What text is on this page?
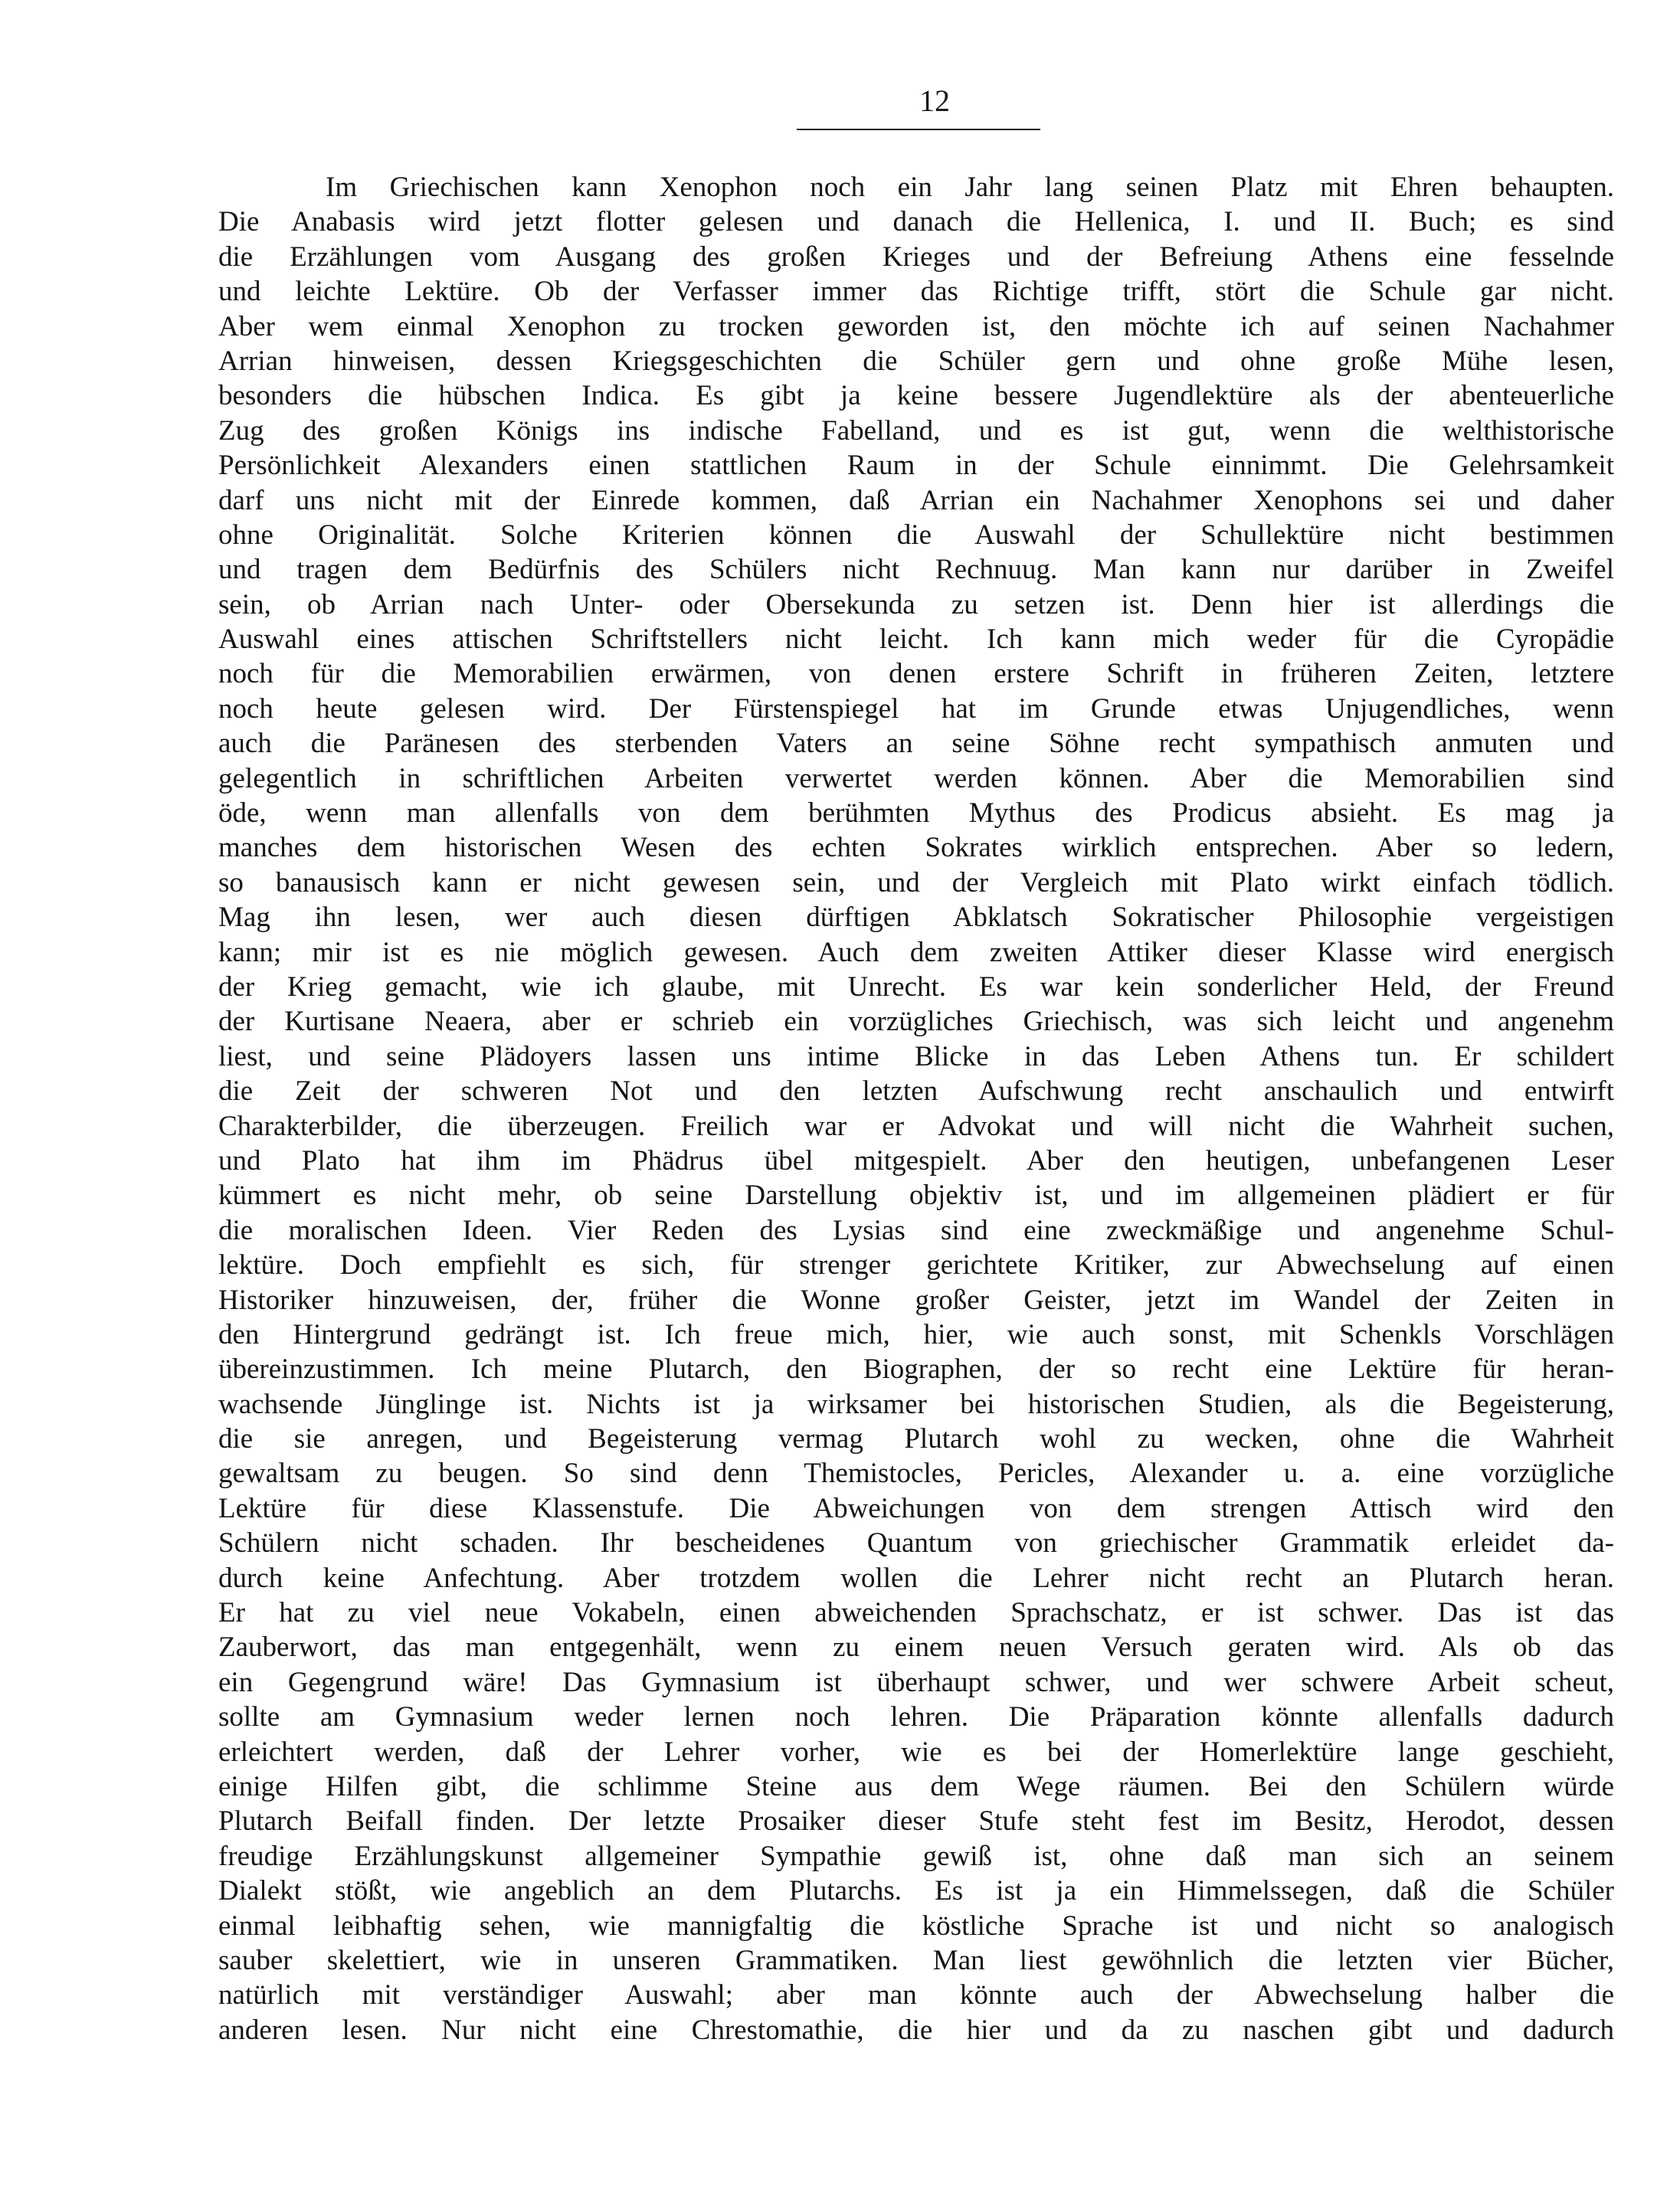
12
Im Griechischen kann Xenophon noch ein Jahr lang seinen Platz mit Ehren behaupten.
Die Anabasis wird jetzt flotter gelesen und danach die Hellenica, I. und II. Buch; es sind
die Erzählungen vom Ausgang des großen Krieges und der Befreiung Athens eine fesselnde
und leichte Lektüre. Ob der Verfasser immer das Richtige trifft, stört die Schule gar nicht.
Aber wem einmal Xenophon zu trocken geworden ist, den möchte ich auf seinen Nachahmer
Arrian hinweisen, dessen Kriegsgeschichten die Schüler gern und ohne große Mühe lesen,
besonders die hübschen Indica. Es gibt ja keine bessere Jugendlektüre als der abenteuerliche
Zug des großen Königs ins indische Fabelland, und es ist gut, wenn die welthistorische
Persönlichkeit Alexanders einen stattlichen Raum in der Schule einnimmt. Die Gelehrsamkeit
darf uns nicht mit der Einrede kommen, daß Arrian ein Nachahmer Xenophons sei und daher
ohne Originalität. Solche Kriterien können die Auswahl der Schullektüre nicht bestimmen
und tragen dem Bedürfnis des Schülers nicht Rechnuug. Man kann nur darüber in Zweifel
sein, ob Arrian nach Unter- oder Obersekunda zu setzen ist. Denn hier ist allerdings die
Auswahl eines attischen Schriftstellers nicht leicht. Ich kann mich weder für die Cyropädie
noch für die Memorabilien erwärmen, von denen erstere Schrift in früheren Zeiten, letztere
noch heute gelesen wird. Der Fürstenspiegel hat im Grunde etwas Unjugendliches, wenn
auch die Paränesen des sterbenden Vaters an seine Söhne recht sympathisch anmuten und
gelegentlich in schriftlichen Arbeiten verwertet werden können. Aber die Memorabilien sind
öde, wenn man allenfalls von dem berühmten Mythus des Prodicus absieht. Es mag ja
manches dem historischen Wesen des echten Sokrates wirklich entsprechen. Aber so ledern,
so banausisch kann er nicht gewesen sein, und der Vergleich mit Plato wirkt einfach tödlich.
Mag ihn lesen, wer auch diesen dürftigen Abklatsch Sokratischer Philosophie vergeistigen
kann; mir ist es nie möglich gewesen. Auch dem zweiten Attiker dieser Klasse wird energisch
der Krieg gemacht, wie ich glaube, mit Unrecht. Es war kein sonderlicher Held, der Freund
der Kurtisane Neaera, aber er schrieb ein vorzügliches Griechisch, was sich leicht und angenehm
liest, und seine Plädoyers lassen uns intime Blicke in das Leben Athens tun. Er schildert
die Zeit der schweren Not und den letzten Aufschwung recht anschaulich und entwirft
Charakterbilder, die überzeugen. Freilich war er Advokat und will nicht die Wahrheit suchen,
und Plato hat ihm im Phädrus übel mitgespielt. Aber den heutigen, unbefangenen Leser
kümmert es nicht mehr, ob seine Darstellung objektiv ist, und im allgemeinen plädiert er für
die moralischen Ideen. Vier Reden des Lysias sind eine zweckmäßige und angenehme Schul-
lektüre. Doch empfiehlt es sich, für strenger gerichtete Kritiker, zur Abwechselung auf einen
Historiker hinzuweisen, der, früher die Wonne großer Geister, jetzt im Wandel der Zeiten in
den Hintergrund gedrängt ist. Ich freue mich, hier, wie auch sonst, mit Schenkls Vorschlägen
übereinzustimmen. Ich meine Plutarch, den Biographen, der so recht eine Lektüre für heran-
wachsende Jünglinge ist. Nichts ist ja wirksamer bei historischen Studien, als die Begeisterung,
die sie anregen, und Begeisterung vermag Plutarch wohl zu wecken, ohne die Wahrheit
gewaltsam zu beugen. So sind denn Themistocles, Pericles, Alexander u. a. eine vorzügliche
Lektüre für diese Klassenstufe. Die Abweichungen von dem strengen Attisch wird den
Schülern nicht schaden. Ihr bescheidenes Quantum von griechischer Grammatik erleidet da-
durch keine Anfechtung. Aber trotzdem wollen die Lehrer nicht recht an Plutarch heran.
Er hat zu viel neue Vokabeln, einen abweichenden Sprachschatz, er ist schwer. Das ist das
Zauberwort, das man entgegenhält, wenn zu einem neuen Versuch geraten wird. Als ob das
ein Gegengrund wäre! Das Gymnasium ist überhaupt schwer, und wer schwere Arbeit scheut,
sollte am Gymnasium weder lernen noch lehren. Die Präparation könnte allenfalls dadurch
erleichtert werden, daß der Lehrer vorher, wie es bei der Homerlektüre lange geschieht,
einige Hilfen gibt, die schlimme Steine aus dem Wege räumen. Bei den Schülern würde
Plutarch Beifall finden. Der letzte Prosaiker dieser Stufe steht fest im Besitz, Herodot, dessen
freudige Erzählungskunst allgemeiner Sympathie gewiß ist, ohne daß man sich an seinem
Dialekt stößt, wie angeblich an dem Plutarchs. Es ist ja ein Himmelssegen, daß die Schüler
einmal leibhaftig sehen, wie mannigfaltig die köstliche Sprache ist und nicht so analogisch
sauber skelettiert, wie in unseren Grammatiken. Man liest gewöhnlich die letzten vier Bücher,
natürlich mit verständiger Auswahl; aber man könnte auch der Abwechselung halber die
anderen lesen. Nur nicht eine Chrestomathie, die hier und da zu naschen gibt und dadurch
